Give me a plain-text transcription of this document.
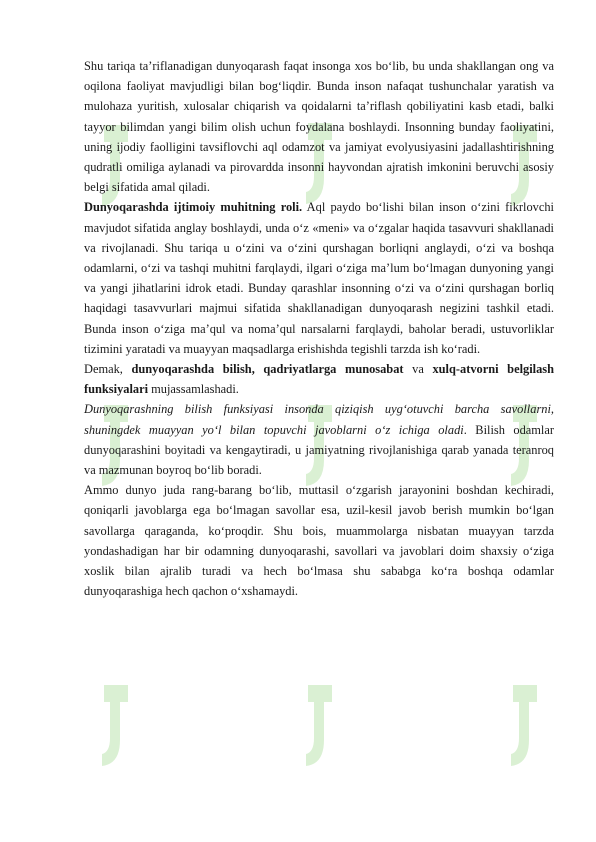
Shu tariqa ta’riflanadigan dunyoqarash faqat insonga xos bo‘lib, bu unda shakllangan ong va oqilona faoliyat mavjudligi bilan bog‘liqdir. Bunda inson nafaqat tushunchalar yaratish va mulohaza yuritish, xulosalar chiqarish va qoidalarni ta’riflash qobiliyatini kasb etadi, balki tayyor bilimdan yangi bilim olish uchun foydalana boshlaydi. Insonning bunday faoliyatini, uning ijodiy faolligini tavsiflovchi aql odamzot va jamiyat evolyusiyasini jadallashtirishning qudratli omiliga aylanadi va pirovardda insonni hayvondan ajratish imkonini beruvchi asosiy belgi sifatida amal qiladi.

Dunyoqarashda ijtimoiy muhitning roli. Aql paydo bo‘lishi bilan inson o‘zini fikrlovchi mavjudot sifatida anglay boshlaydi, unda o‘z «meni» va o‘zgalar haqida tasavvuri shakllanadi va rivojlanadi. Shu tariqa u o‘zini va o‘zini qurshagan borliqni anglaydi, o‘zi va boshqa odamlarni, o‘zi va tashqi muhitni farqlaydi, ilgari o‘ziga ma’lum bo‘lmagan dunyoning yangi va yangi jihatlarini idrok etadi. Bunday qarashlar insonning o‘zi va o‘zini qurshagan borliq haqidagi tasavvurlari majmui sifatida shakllanadigan dunyoqarash negizini tashkil etadi. Bunda inson o‘ziga ma’qul va noma’qul narsalarni farqlaydi, baholar beradi, ustuvorliklar tizimini yaratadi va muayyan maqsadlarga erishishda tegishli tarzda ish ko‘radi.

Demak, dunyoqarashda bilish, qadriyatlarga munosabat va xulq-atvorni belgilash funksiyalari mujassamlashadi.

Dunyoqarashning bilish funksiyasi insonda qiziqish uyg‘otuvchi barcha savollarni, shuningdek muayyan yo‘l bilan topuvchi javoblarni o‘z ichiga oladi. Bilish odamlar dunyoqarashini boyitadi va kengaytiradi, u jamiyatning rivojlanishiga qarab yanada teranroq va mazmunan boyroq bo‘lib boradi.

Ammo dunyo juda rang-barang bo‘lib, muttasil o‘zgarish jarayonini boshdan kechiradi, qoniqarli javoblarga ega bo‘lmagan savollar esa, uzil-kesil javob berish mumkin bo‘lgan savollarga qaraganda, ko‘proqdir. Shu bois, muammolarga nisbatan muayyan tarzda yondashadigan har bir odamning dunyoqarashi, savollari va javoblari doim shaxsiy o‘ziga xoslik bilan ajralib turadi va hech bo‘lmasa shu sababga ko‘ra boshqa odamlar dunyoqarashiga hech qachon o‘xshamaydi.
